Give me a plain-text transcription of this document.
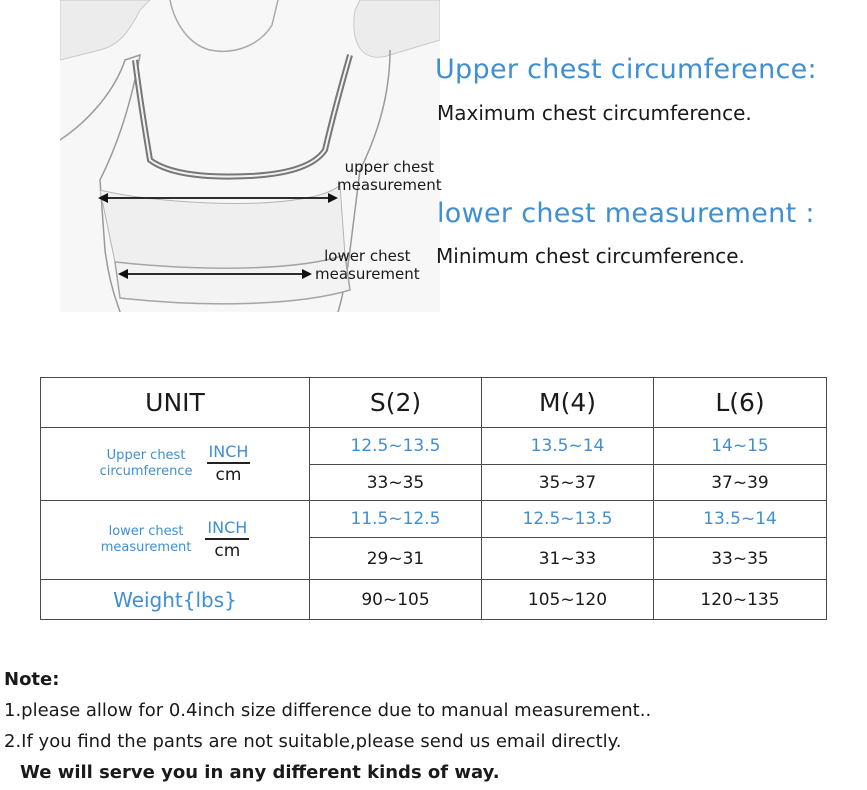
upper chest
measurement
lower chest
measurement
Upper chest circumference:
Maximum chest circumference.
lower chest measurement :
Minimum chest circumference.
UNIT	S(2)	M(4)	L(6)

Upper chest
circumference $\frac{\text{INCH}}{cm}$	12.5~13.5	13.5~14	14~15
	33~35	35~37	37~39

lower chest
measurement $\frac{\text{INCH}}{cm}$	11.5~12.5	12.5~13.5	13.5~14
	29~31	31~33	33~35
Weight{lbs}	90~105	105~120	120~135
Note:
1.please allow for 0.4inch size difference due to manual measurement..
2.If you find the pants are not suitable,please send us email directly.
We will serve you in any different kinds of way.
